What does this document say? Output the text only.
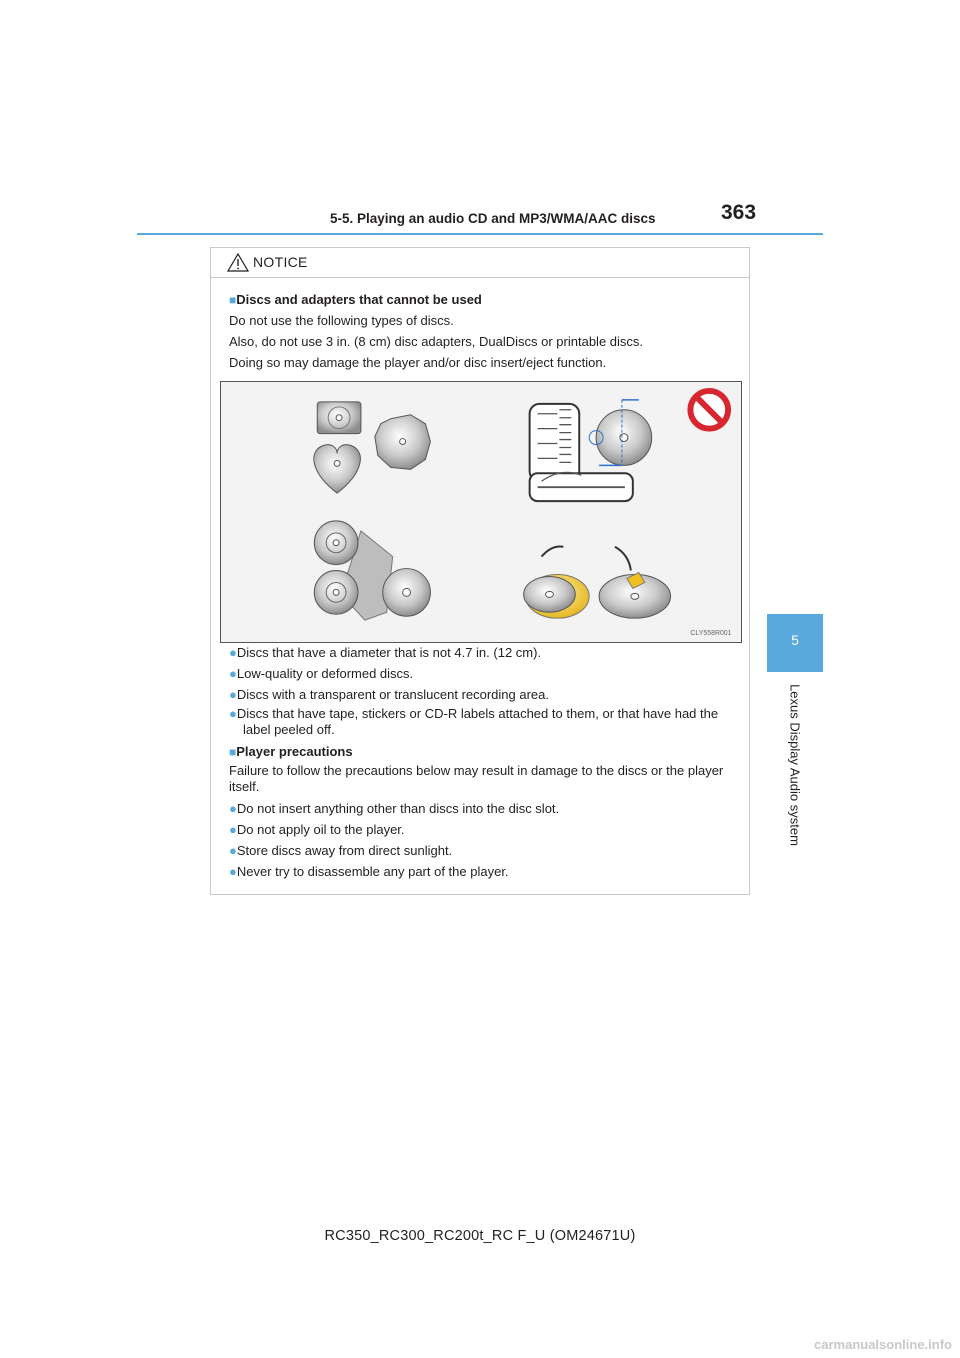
5-5. Playing an audio CD and MP3/WMA/AAC discs	363
5
Lexus Display Audio system
NOTICE
■Discs and adapters that cannot be used
Do not use the following types of discs.
Also, do not use 3 in. (8 cm) disc adapters, DualDiscs or printable discs.
Doing so may damage the player and/or disc insert/eject function.
CLY558R001
●Discs that have a diameter that is not 4.7 in. (12 cm).
●Low-quality or deformed discs.
●Discs with a transparent or translucent recording area.
●Discs that have tape, stickers or CD-R labels attached to them, or that have had the label peeled off.
■Player precautions
Failure to follow the precautions below may result in damage to the discs or the player itself.
●Do not insert anything other than discs into the disc slot.
●Do not apply oil to the player.
●Store discs away from direct sunlight.
●Never try to disassemble any part of the player.
RC350_RC300_RC200t_RC F_U (OM24671U)
carmanualsonline.info
